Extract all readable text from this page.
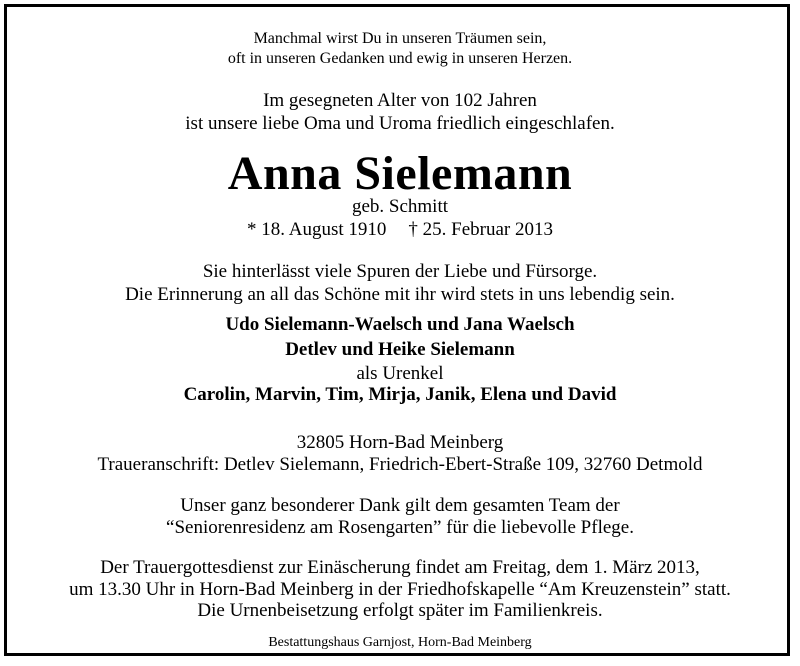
Manchmal wirst Du in unseren Träumen sein,
oft in unseren Gedanken und ewig in unseren Herzen.
Im gesegneten Alter von 102 Jahren
ist unsere liebe Oma und Uroma friedlich eingeschlafen.
Anna Sielemann
geb. Schmitt
* 18. August 1910 † 25. Februar 2013
Sie hinterlässt viele Spuren der Liebe und Fürsorge.
Die Erinnerung an all das Schöne mit ihr wird stets in uns lebendig sein.
Udo Sielemann-Waelsch und Jana Waelsch
Detlev und Heike Sielemann
als Urenkel
Carolin, Marvin, Tim, Mirja, Janik, Elena und David
32805 Horn-Bad Meinberg
Traueranschrift: Detlev Sielemann, Friedrich-Ebert-Straße 109, 32760 Detmold
Unser ganz besonderer Dank gilt dem gesamten Team der
“Seniorenresidenz am Rosengarten” für die liebevolle Pflege.
Der Trauergottesdienst zur Einäscherung findet am Freitag, dem 1. März 2013,
um 13.30 Uhr in Horn-Bad Meinberg in der Friedhofskapelle “Am Kreuzenstein” statt.
Die Urnenbeisetzung erfolgt später im Familienkreis.
Bestattungshaus Garnjost, Horn-Bad Meinberg
